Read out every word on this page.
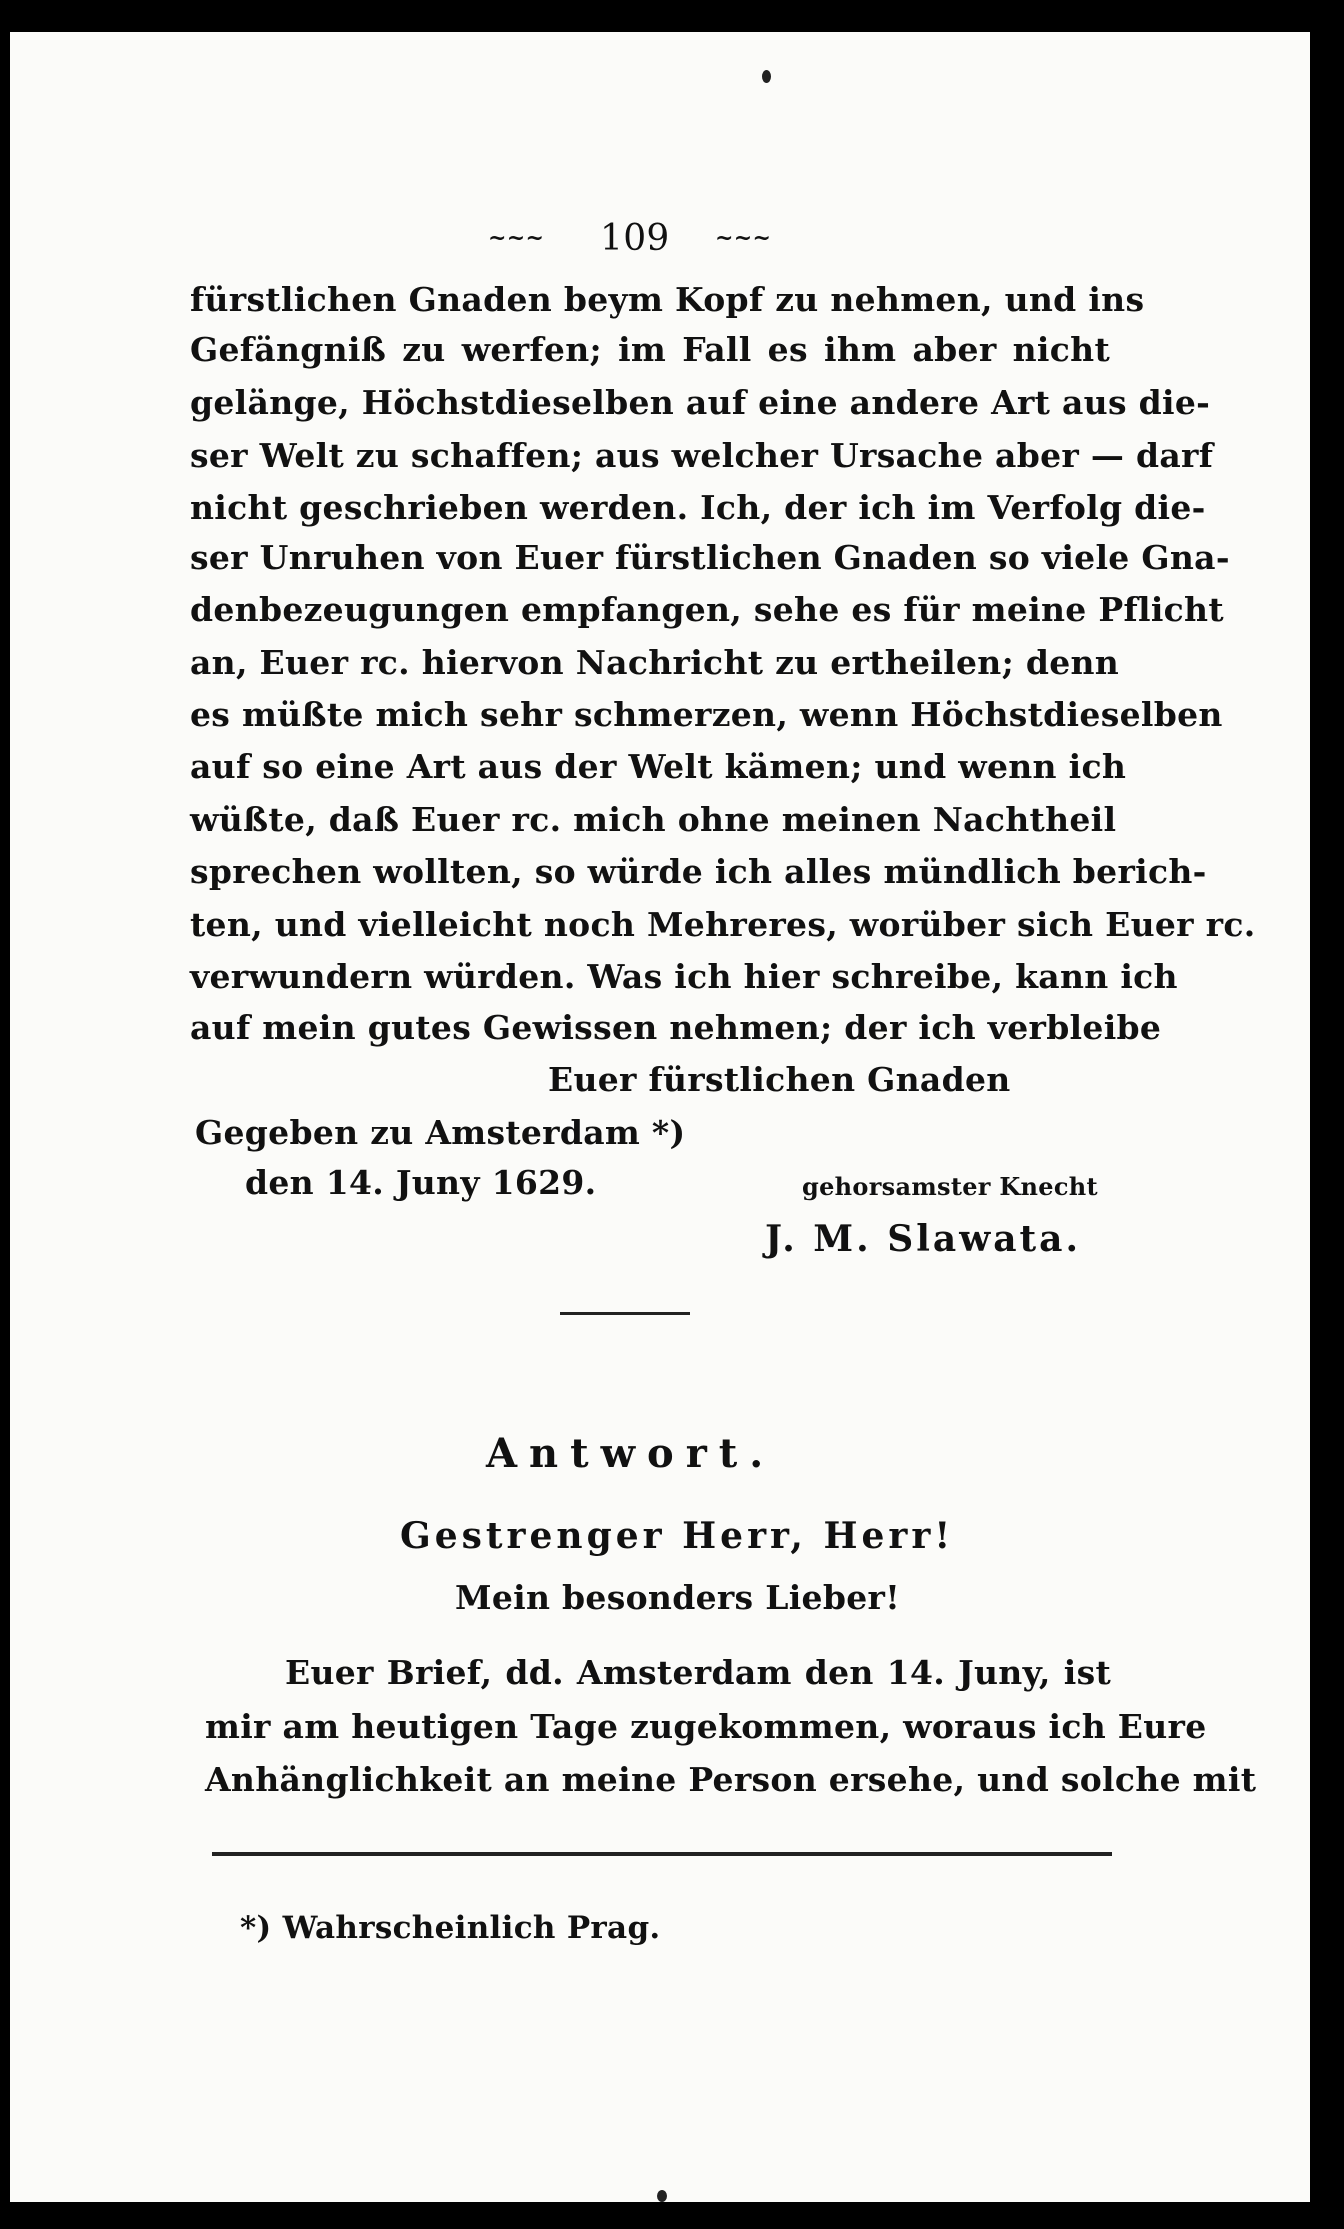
~~~ 109 ~~~
fürstlichen Gnaden beym Kopf zu nehmen, und ins
Gefängniß zu werfen; im Fall es ihm aber nicht
gelänge, Höchstdieselben auf eine andere Art aus die-
ser Welt zu schaffen; aus welcher Ursache aber — darf
nicht geschrieben werden. Ich, der ich im Verfolg die-
ser Unruhen von Euer fürstlichen Gnaden so viele Gna-
denbezeugungen empfangen, sehe es für meine Pflicht
an, Euer rc. hiervon Nachricht zu ertheilen; denn
es müßte mich sehr schmerzen, wenn Höchstdieselben
auf so eine Art aus der Welt kämen; und wenn ich
wüßte, daß Euer rc. mich ohne meinen Nachtheil
sprechen wollten, so würde ich alles mündlich berich-
ten, und vielleicht noch Mehreres, worüber sich Euer rc.
verwundern würden. Was ich hier schreibe, kann ich
auf mein gutes Gewissen nehmen; der ich verbleibe
Euer fürstlichen Gnaden
Gegeben zu Amsterdam *)
den 14. Juny 1629.	gehorsamster Knecht
J. M. Slawata.
Antwort.
Gestrenger Herr, Herr!
Mein besonders Lieber!
Euer Brief, dd. Amsterdam den 14. Juny, ist
mir am heutigen Tage zugekommen, woraus ich Eure
Anhänglichkeit an meine Person ersehe, und solche mit
*) Wahrscheinlich Prag.
